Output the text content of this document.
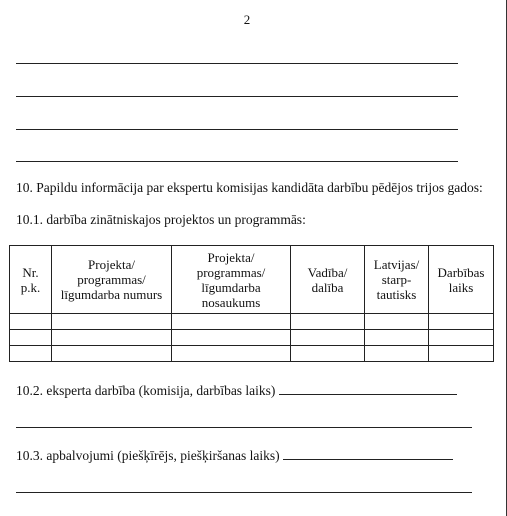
2
10. Papildu informācija par ekspertu komisijas kandidāta darbību pēdējos trijos gados:
10.1. darbība zinātniskajos projektos un programmās:
Nr. p.k.	Projekta/ programmas/ līgumdarba numurs	Projekta/ programmas/ līgumdarba nosaukums	Vadība/ dalība	Latvijas/ starp-tautisks	Darbības laiks

10.2. eksperta darbība (komisija, darbības laiks)
10.3. apbalvojumi (piešķīrējs, piešķiršanas laiks)
